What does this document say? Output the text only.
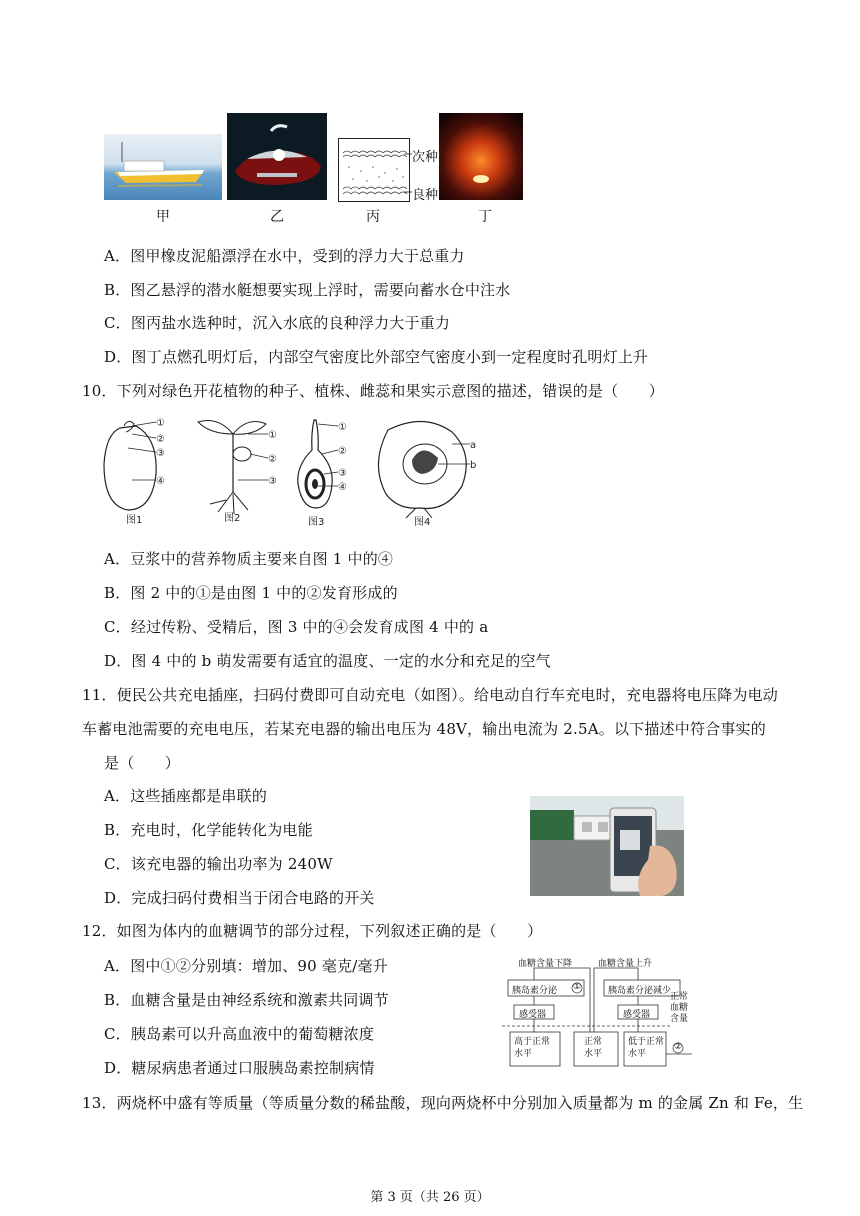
次种
良种
甲	乙	丙	丁
A．图甲橡皮泥船漂浮在水中，受到的浮力大于总重力
B．图乙悬浮的潜水艇想要实现上浮时，需要向蓄水仓中注水
C．图丙盐水选种时，沉入水底的良种浮力大于重力
D．图丁点燃孔明灯后，内部空气密度比外部空气密度小到一定程度时孔明灯上升
10．下列对绿色开花植物的种子、植株、雌蕊和果实示意图的描述，错误的是（　　）
①
②
③
④
图1
①
②
③
图2
①
②
③
④
图3
a
b
图4
A．豆浆中的营养物质主要来自图 1 中的④
B．图 2 中的①是由图 1 中的②发育形成的
C．经过传粉、受精后，图 3 中的④会发育成图 4 中的 a
D．图 4 中的 b 萌发需要有适宜的温度、一定的水分和充足的空气
11．便民公共充电插座，扫码付费即可自动充电（如图）。给电动自行车充电时，充电器将电压降为电动
车蓄电池需要的充电电压，若某充电器的输出电压为 48V，输出电流为 2.5A。以下描述中符合事实的
是（　　）
A．这些插座都是串联的
B．充电时，化学能转化为电能
C．该充电器的输出功率为 240W
D．完成扫码付费相当于闭合电路的开关
12．如图为体内的血糖调节的部分过程，下列叙述正确的是（　　）
A．图中①②分别填：增加、90 毫克/毫升
B．血糖含量是由神经系统和激素共同调节
C．胰岛素可以升高血液中的葡萄糖浓度
D．糖尿病患者通过口服胰岛素控制病情
血糖含量下降	血糖含量上升
胰岛素分泌 ①	胰岛素分泌减少
感受器	感受器
正常血糖含量
高于正常水平
正常水平
低于正常水平
②
13．两烧杯中盛有等质量（等质量分数的稀盐酸，现向两烧杯中分别加入质量都为 m 的金属 Zn 和 Fe，生
第 3 页（共 26 页）
